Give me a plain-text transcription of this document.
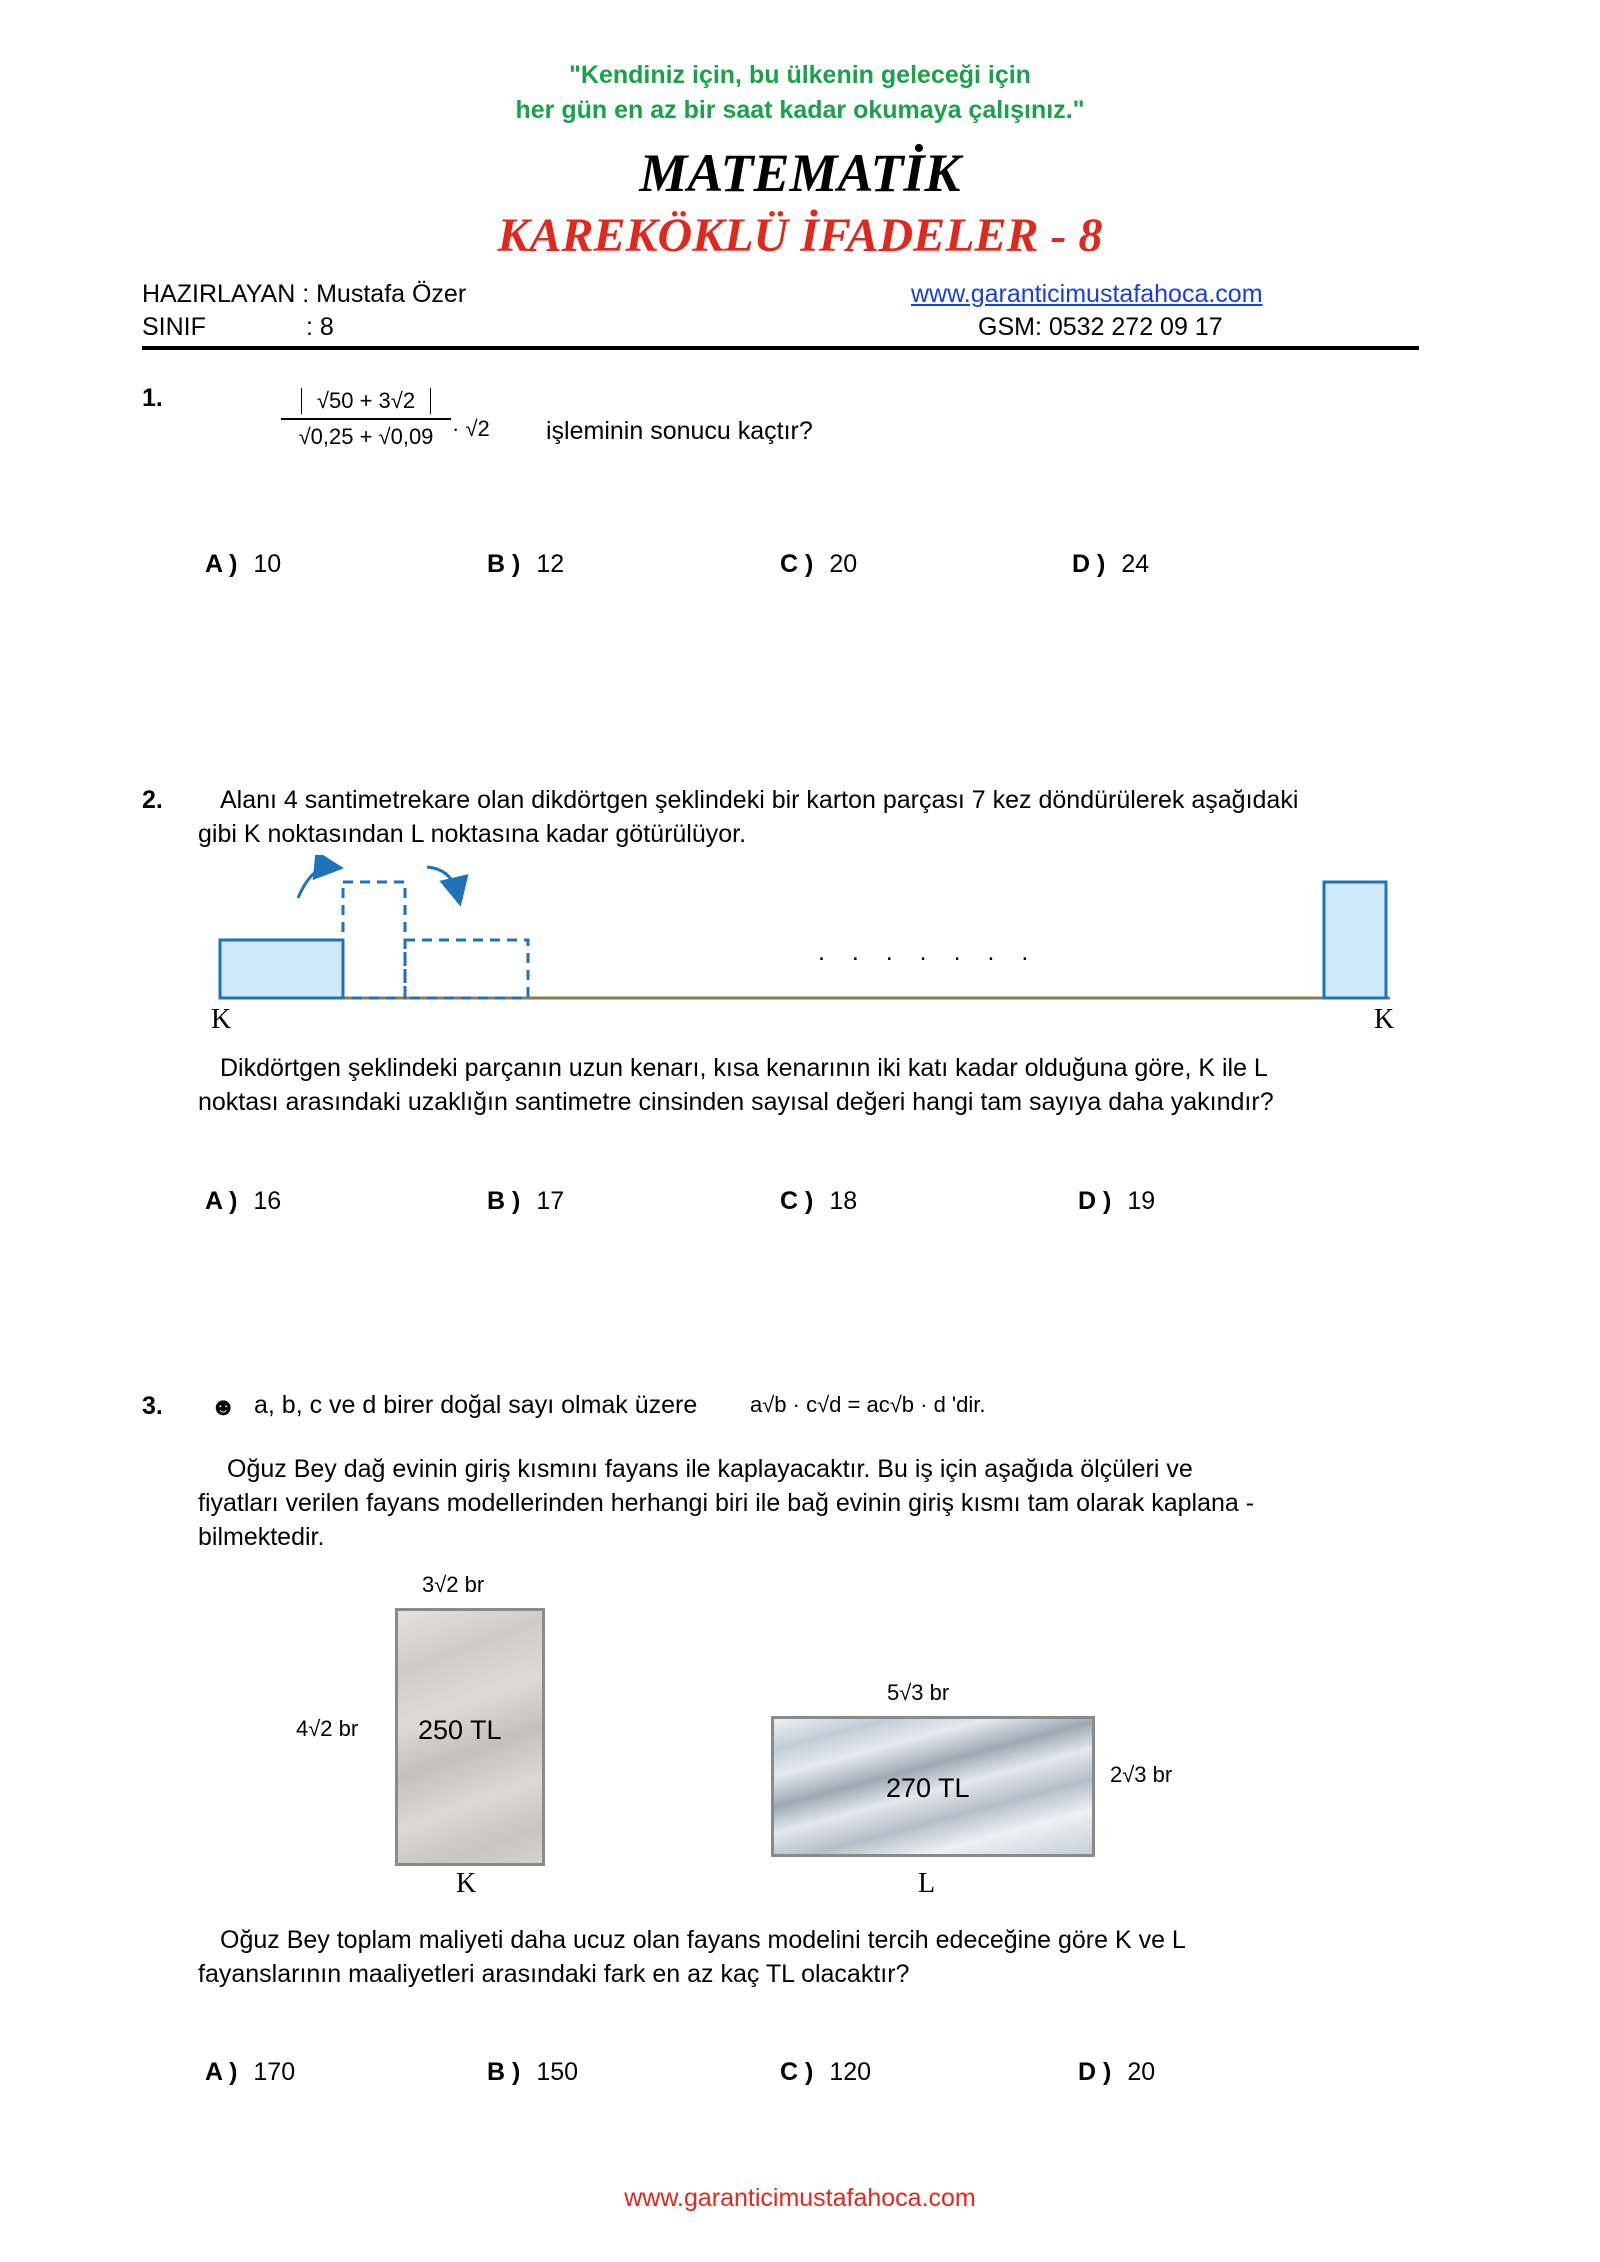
"Kendiniz için, bu ülkenin geleceği için
her gün en az bir saat kadar okumaya çalışınız."
MATEMATİK
KAREKÖKLÜ İFADELER - 8
HAZIRLAYAN : Mustafa Özer	www.garanticimustafahoca.com
SINIF	: 8	GSM: 0532 272 09 17
1.	√50 + 3√2
√0,25 + √0,09 · √2 işleminin sonucu kaçtır?
A ) 10	B ) 12	C ) 20	D ) 24
2. Alanı 4 santimetrekare olan dikdörtgen şeklindeki bir karton parçası 7 kez döndürülerek aşağıdaki
gibi K noktasından L noktasına kadar götürülüyor.
. . . . . . .
K	K
Dikdörtgen şeklindeki parçanın uzun kenarı, kısa kenarının iki katı kadar olduğuna göre, K ile L
noktası arasındaki uzaklığın santimetre cinsinden sayısal değeri hangi tam sayıya daha yakındır?
A ) 16	B ) 17	C ) 18	D ) 19
3. ☻ a, b, c ve d birer doğal sayı olmak üzere a√b · c√d = ac√b · d 'dir.
Oğuz Bey dağ evinin giriş kısmını fayans ile kaplayacaktır. Bu iş için aşağıda ölçüleri ve
fiyatları verilen fayans modellerinden herhangi biri ile bağ evinin giriş kısmı tam olarak kaplana -
bilmektedir.
3√2 br
250 TL
4√2 br
K
5√3 br
270 TL	2√3 br
L
Oğuz Bey toplam maliyeti daha ucuz olan fayans modelini tercih edeceğine göre K ve L
fayanslarının maaliyetleri arasındaki fark en az kaç TL olacaktır?
A ) 170	B ) 150	C ) 120	D ) 20
www.garanticimustafahoca.com
